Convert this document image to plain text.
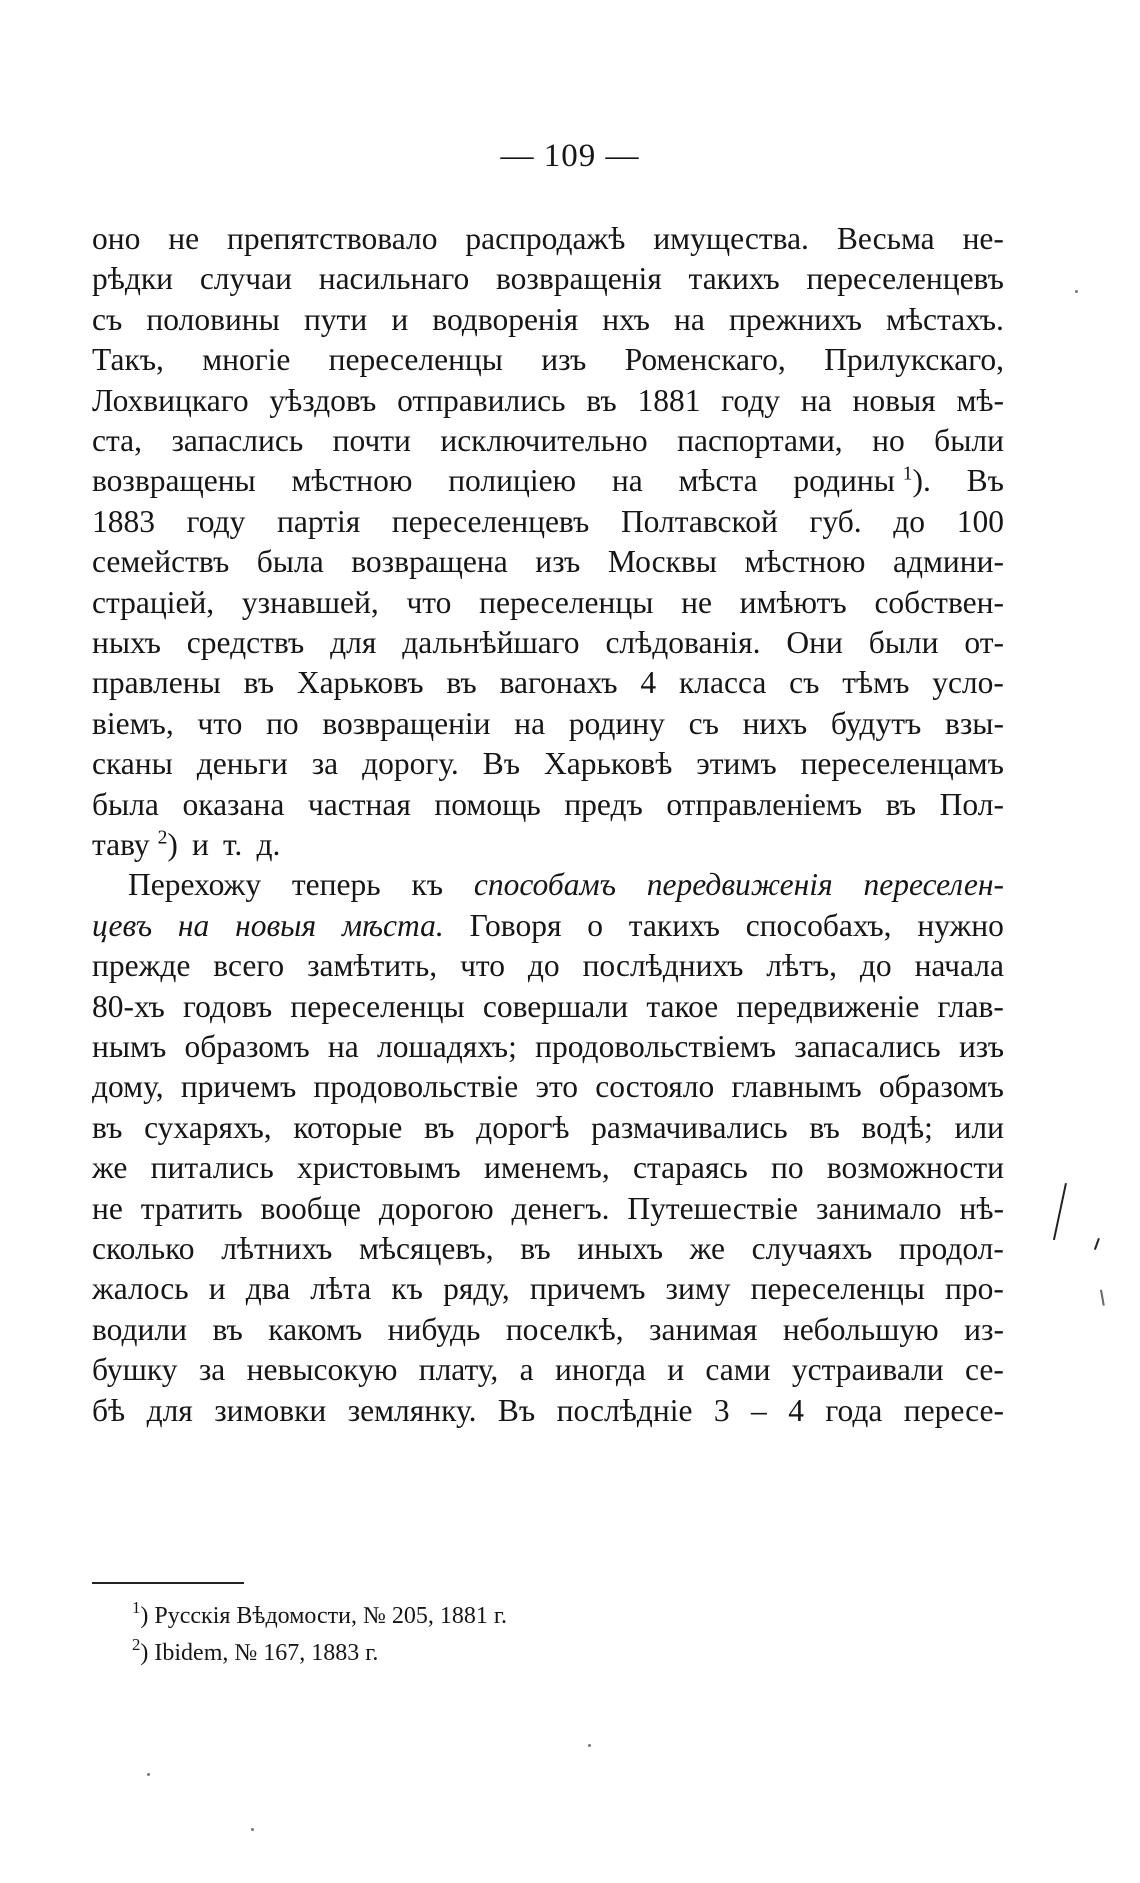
— 109 —
оно не препятствовало распродажѣ имущества. Весьма не-
рѣдки случаи насильнаго возвращенія такихъ переселенцевъ
съ половины пути и водворенія нхъ на прежнихъ мѣстахъ.
Такъ, многіе переселенцы изъ Роменскаго, Прилукскаго,
Лохвицкаго уѣздовъ отправились въ 1881 году на новыя мѣ-
ста, запаслись почти исключительно паспортами, но были
возвращены мѣстною полиціею на мѣста родины $^1$). Въ
1883 году партія переселенцевъ Полтавской губ. до 100
семействъ была возвращена изъ Москвы мѣстною админи-
страціей, узнавшей, что переселенцы не имѣютъ собствен-
ныхъ средствъ для дальнѣйшаго слѣдованія. Они были от-
правлены въ Харьковъ въ вагонахъ 4 класса съ тѣмъ усло-
віемъ, что по возвращеніи на родину съ нихъ будутъ взы-
сканы деньги за дорогу. Въ Харьковѣ этимъ переселенцамъ
была оказана частная помощь предъ отправленіемъ въ Пол-
таву $^2$) и т. д.
Перехожу теперь къ способамъ передвиженія переселен-
цевъ на новыя мѣста. Говоря о такихъ способахъ, нужно
прежде всего замѣтить, что до послѣднихъ лѣтъ, до начала
80-хъ годовъ переселенцы совершали такое передвиженіе глав-
нымъ образомъ на лошадяхъ; продовольствіемъ запасались изъ
дому, причемъ продовольствіе это состояло главнымъ образомъ
въ сухаряхъ, которые въ дорогѣ размачивались въ водѣ; или
же питались христовымъ именемъ, стараясь по возможности
не тратить вообще дорогою денегъ. Путешествіе занимало нѣ-
сколько лѣтнихъ мѣсяцевъ, въ иныхъ же случаяхъ продол-
жалось и два лѣта къ ряду, причемъ зиму переселенцы про-
водили въ какомъ нибудь поселкѣ, занимая небольшую из-
бушку за невысокую плату, а иногда и сами устраивали се-
бѣ для зимовки землянку. Въ послѣдніе 3 – 4 года пересе-
$^1$) Русскія Вѣдомости, № 205, 1881 г.
$^2$) Ibidem, № 167, 1883 г.
